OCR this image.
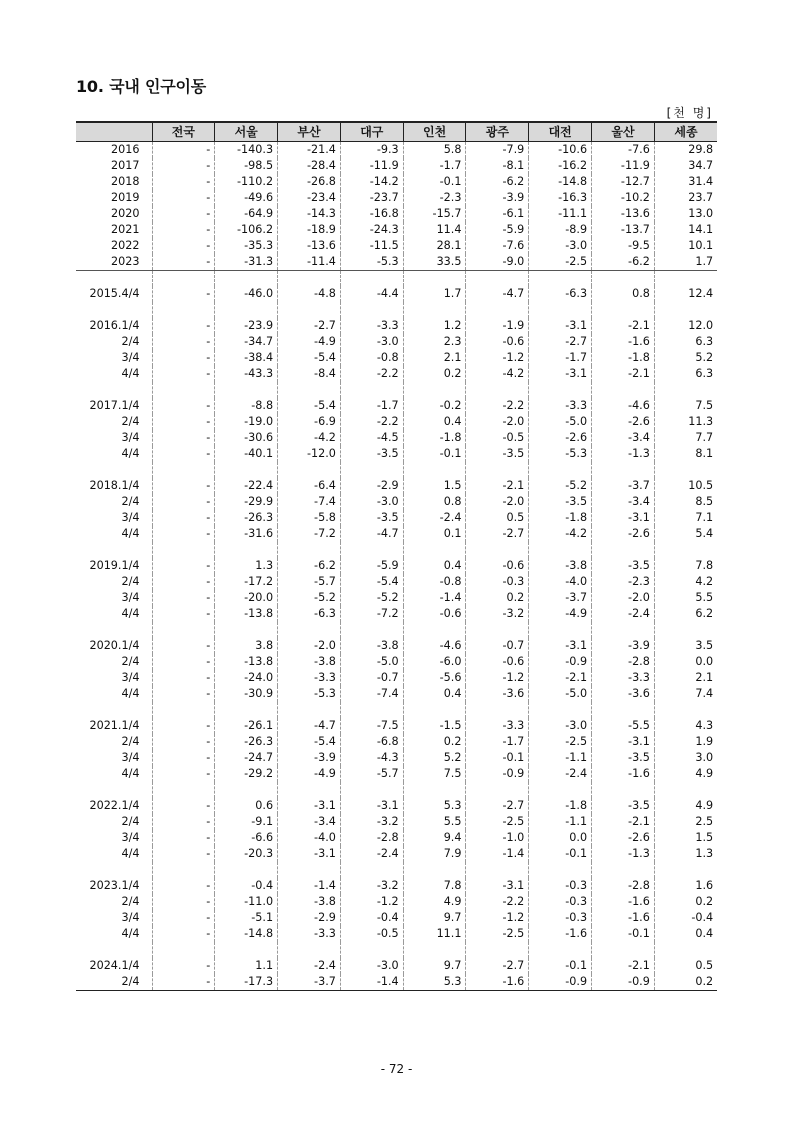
10. 국내 인구이동
[천 명]
	전국	서울	부산	대구	인천	광주	대전	울산	세종
2016	-	-140.3	-21.4	-9.3	5.8	-7.9	-10.6	-7.6	29.8
2017	-	-98.5	-28.4	-11.9	-1.7	-8.1	-16.2	-11.9	34.7
2018	-	-110.2	-26.8	-14.2	-0.1	-6.2	-14.8	-12.7	31.4
2019	-	-49.6	-23.4	-23.7	-2.3	-3.9	-16.3	-10.2	23.7
2020	-	-64.9	-14.3	-16.8	-15.7	-6.1	-11.1	-13.6	13.0
2021	-	-106.2	-18.9	-24.3	11.4	-5.9	-8.9	-13.7	14.1
2022	-	-35.3	-13.6	-11.5	28.1	-7.6	-3.0	-9.5	10.1
2023	-	-31.3	-11.4	-5.3	33.5	-9.0	-2.5	-6.2	1.7

2015.4/4	-	-46.0	-4.8	-4.4	1.7	-4.7	-6.3	0.8	12.4

2016.1/4	-	-23.9	-2.7	-3.3	1.2	-1.9	-3.1	-2.1	12.0
2/4	-	-34.7	-4.9	-3.0	2.3	-0.6	-2.7	-1.6	6.3
3/4	-	-38.4	-5.4	-0.8	2.1	-1.2	-1.7	-1.8	5.2
4/4	-	-43.3	-8.4	-2.2	0.2	-4.2	-3.1	-2.1	6.3

2017.1/4	-	-8.8	-5.4	-1.7	-0.2	-2.2	-3.3	-4.6	7.5
2/4	-	-19.0	-6.9	-2.2	0.4	-2.0	-5.0	-2.6	11.3
3/4	-	-30.6	-4.2	-4.5	-1.8	-0.5	-2.6	-3.4	7.7
4/4	-	-40.1	-12.0	-3.5	-0.1	-3.5	-5.3	-1.3	8.1

2018.1/4	-	-22.4	-6.4	-2.9	1.5	-2.1	-5.2	-3.7	10.5
2/4	-	-29.9	-7.4	-3.0	0.8	-2.0	-3.5	-3.4	8.5
3/4	-	-26.3	-5.8	-3.5	-2.4	0.5	-1.8	-3.1	7.1
4/4	-	-31.6	-7.2	-4.7	0.1	-2.7	-4.2	-2.6	5.4

2019.1/4	-	1.3	-6.2	-5.9	0.4	-0.6	-3.8	-3.5	7.8
2/4	-	-17.2	-5.7	-5.4	-0.8	-0.3	-4.0	-2.3	4.2
3/4	-	-20.0	-5.2	-5.2	-1.4	0.2	-3.7	-2.0	5.5
4/4	-	-13.8	-6.3	-7.2	-0.6	-3.2	-4.9	-2.4	6.2

2020.1/4	-	3.8	-2.0	-3.8	-4.6	-0.7	-3.1	-3.9	3.5
2/4	-	-13.8	-3.8	-5.0	-6.0	-0.6	-0.9	-2.8	0.0
3/4	-	-24.0	-3.3	-0.7	-5.6	-1.2	-2.1	-3.3	2.1
4/4	-	-30.9	-5.3	-7.4	0.4	-3.6	-5.0	-3.6	7.4

2021.1/4	-	-26.1	-4.7	-7.5	-1.5	-3.3	-3.0	-5.5	4.3
2/4	-	-26.3	-5.4	-6.8	0.2	-1.7	-2.5	-3.1	1.9
3/4	-	-24.7	-3.9	-4.3	5.2	-0.1	-1.1	-3.5	3.0
4/4	-	-29.2	-4.9	-5.7	7.5	-0.9	-2.4	-1.6	4.9

2022.1/4	-	0.6	-3.1	-3.1	5.3	-2.7	-1.8	-3.5	4.9
2/4	-	-9.1	-3.4	-3.2	5.5	-2.5	-1.1	-2.1	2.5
3/4	-	-6.6	-4.0	-2.8	9.4	-1.0	0.0	-2.6	1.5
4/4	-	-20.3	-3.1	-2.4	7.9	-1.4	-0.1	-1.3	1.3

2023.1/4	-	-0.4	-1.4	-3.2	7.8	-3.1	-0.3	-2.8	1.6
2/4	-	-11.0	-3.8	-1.2	4.9	-2.2	-0.3	-1.6	0.2
3/4	-	-5.1	-2.9	-0.4	9.7	-1.2	-0.3	-1.6	-0.4
4/4	-	-14.8	-3.3	-0.5	11.1	-2.5	-1.6	-0.1	0.4

2024.1/4	-	1.1	-2.4	-3.0	9.7	-2.7	-0.1	-2.1	0.5
2/4	-	-17.3	-3.7	-1.4	5.3	-1.6	-0.9	-0.9	0.2
- 72 -
